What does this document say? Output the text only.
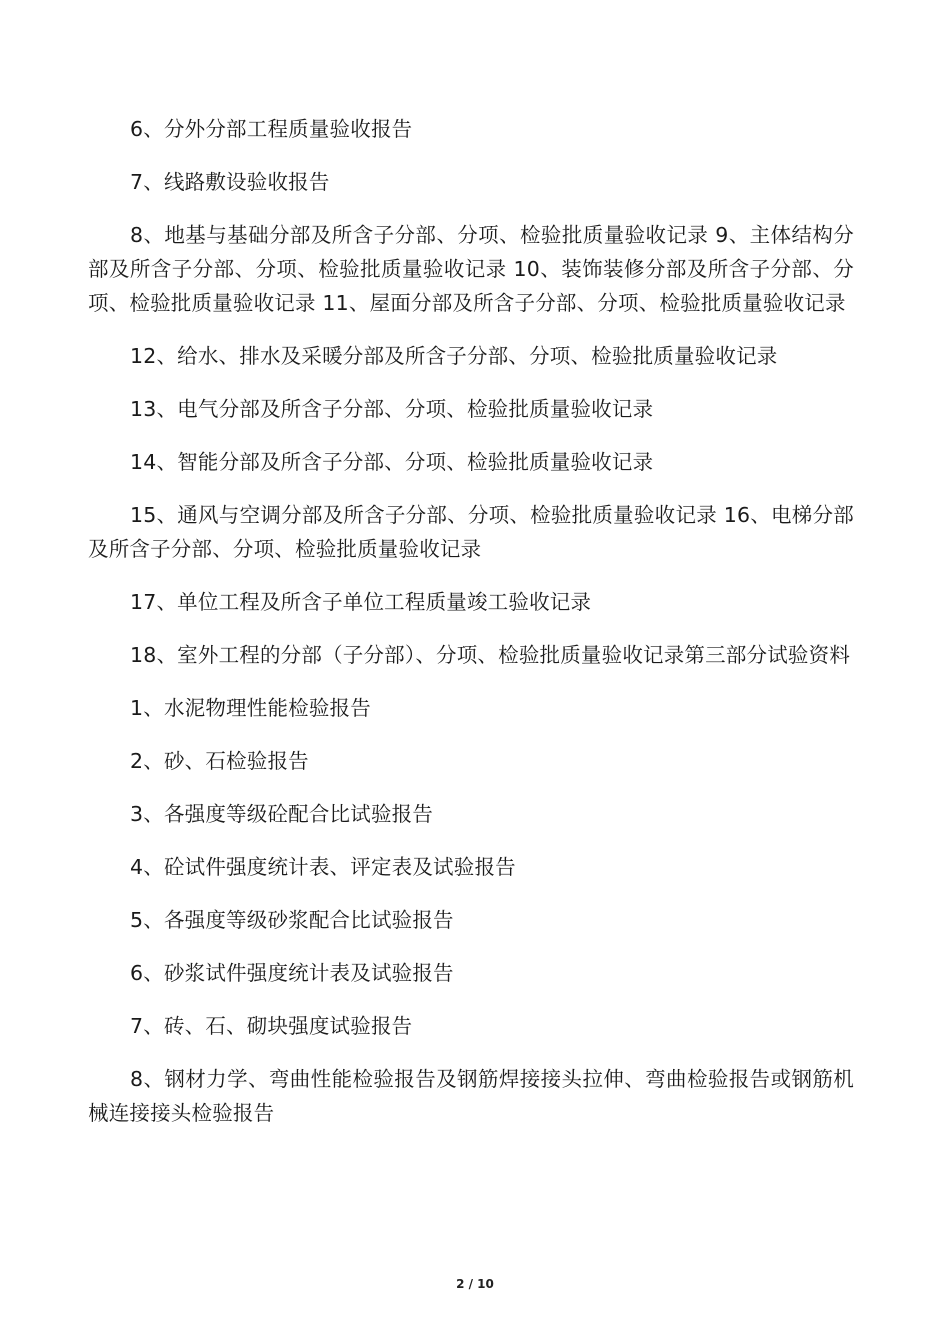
6、分外分部工程质量验收报告

7、线路敷设验收报告

8、地基与基础分部及所含子分部、分项、检验批质量验收记录 9、主体结构分部及所含子分部、分项、检验批质量验收记录 10、装饰装修分部及所含子分部、分项、检验批质量验收记录 11、屋面分部及所含子分部、分项、检验批质量验收记录

12、给水、排水及采暖分部及所含子分部、分项、检验批质量验收记录

13、电气分部及所含子分部、分项、检验批质量验收记录

14、智能分部及所含子分部、分项、检验批质量验收记录

15、通风与空调分部及所含子分部、分项、检验批质量验收记录 16、电梯分部及所含子分部、分项、检验批质量验收记录

17、单位工程及所含子单位工程质量竣工验收记录

18、室外工程的分部（子分部）、分项、检验批质量验收记录第三部分试验资料

1、水泥物理性能检验报告

2、砂、石检验报告

3、各强度等级砼配合比试验报告

4、砼试件强度统计表、评定表及试验报告

5、各强度等级砂浆配合比试验报告

6、砂浆试件强度统计表及试验报告

7、砖、石、砌块强度试验报告

8、钢材力学、弯曲性能检验报告及钢筋焊接接头拉伸、弯曲检验报告或钢筋机械连接接头检验报告

2 / 10
